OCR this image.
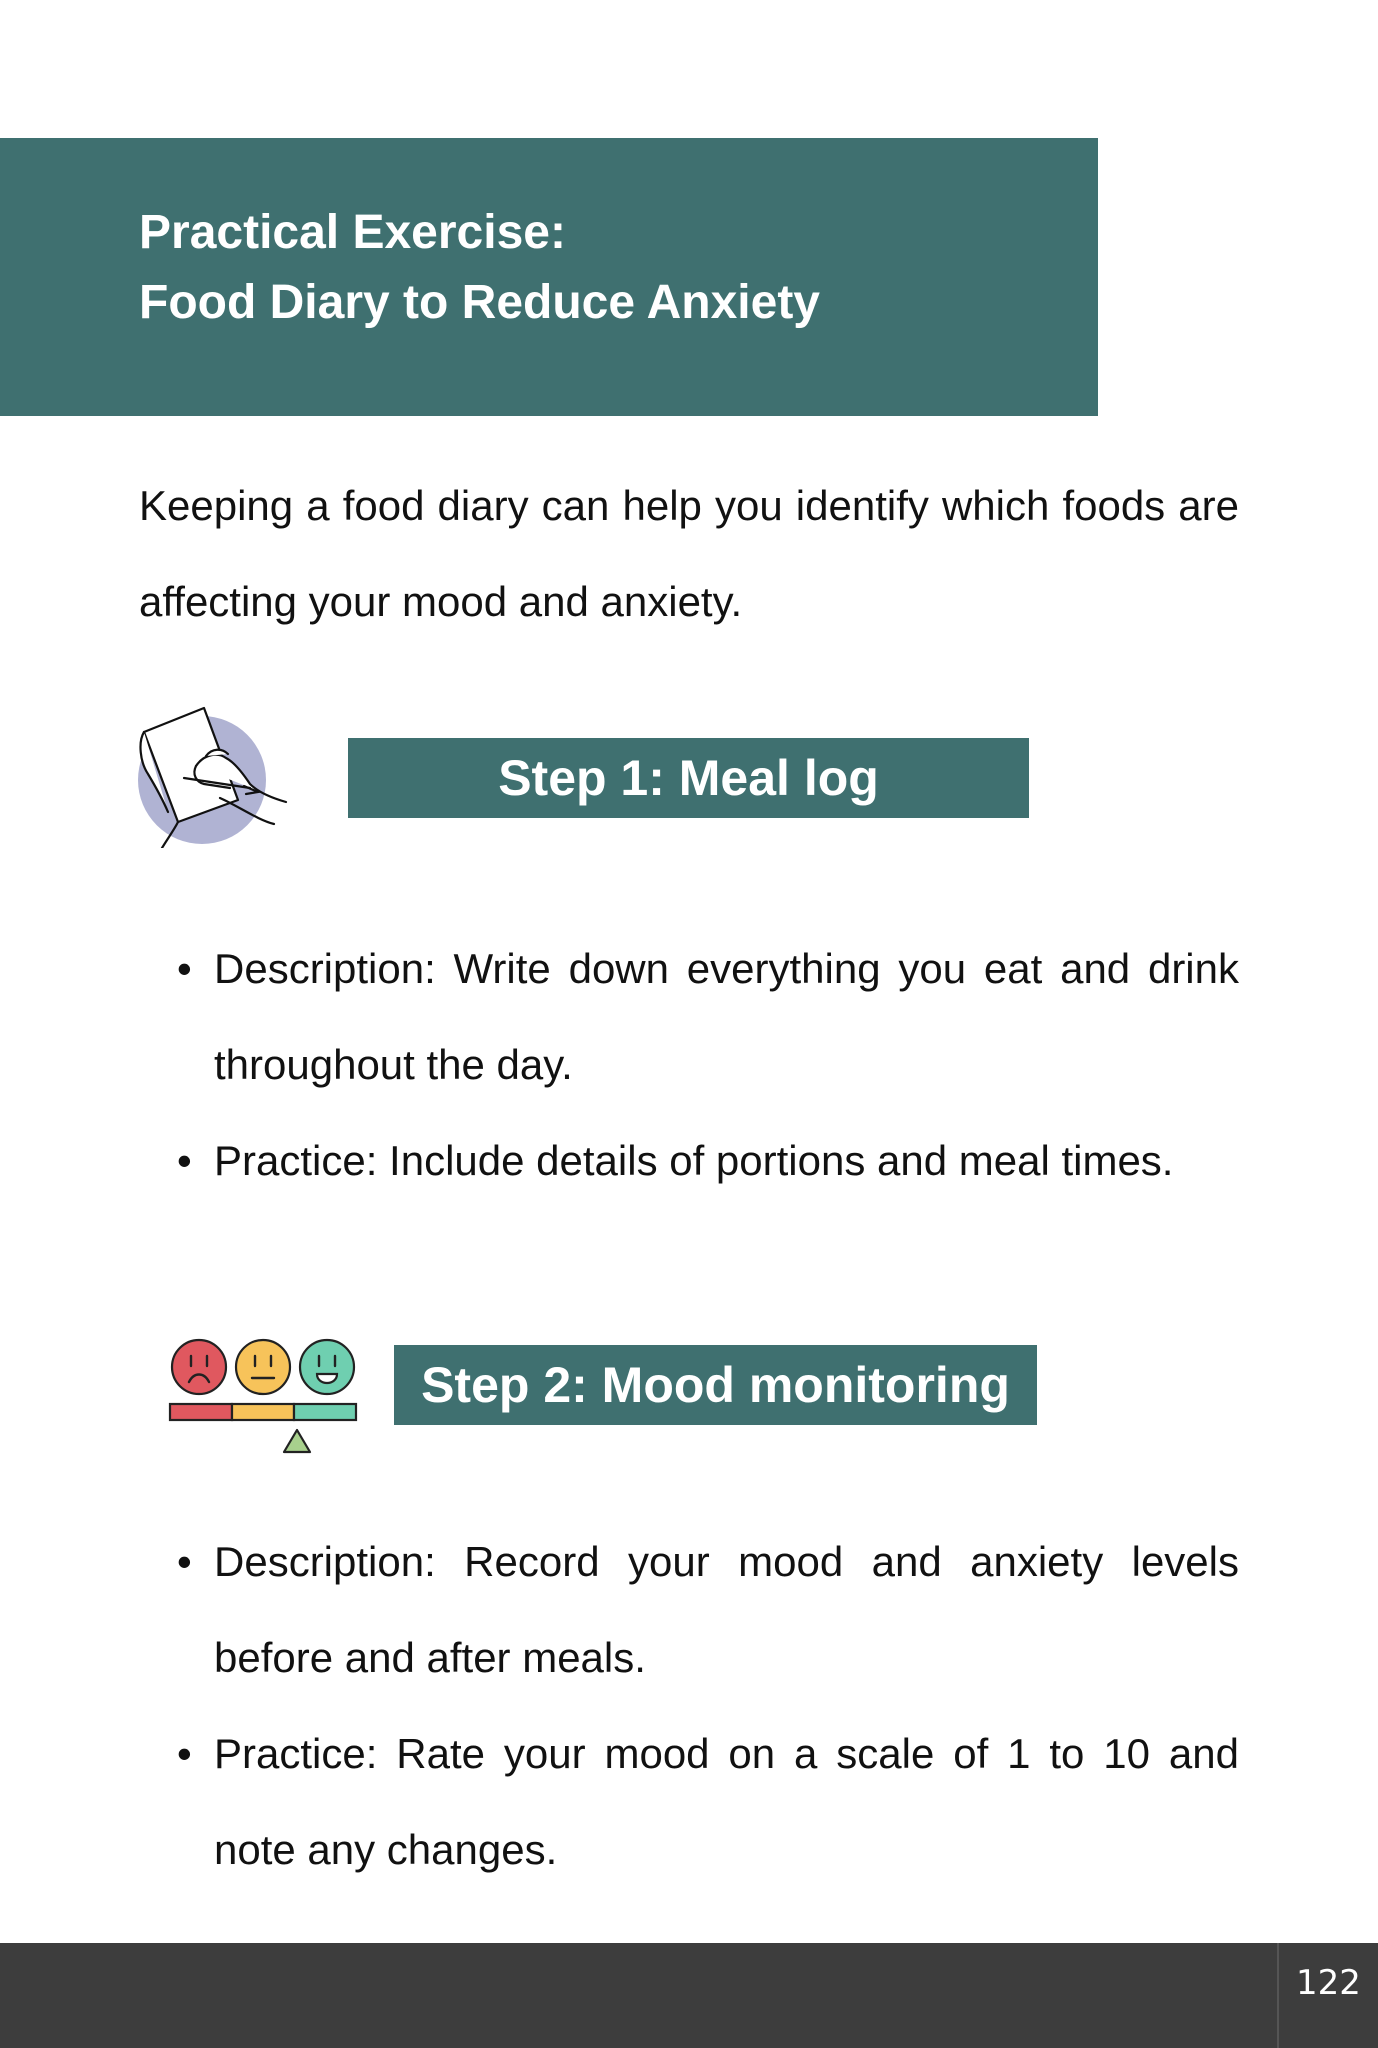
Practical Exercise:
Food Diary to Reduce Anxiety

Keeping a food diary can help you identify which foods are affecting your mood and anxiety.

Step 1: Meal log
• Description: Write down everything you eat and drink throughout the day.
• Practice: Include details of portions and meal times.
Step 2: Mood monitoring
• Description: Record your mood and anxiety levels before and after meals.
• Practice: Rate your mood on a scale of 1 to 10 and note any changes.
122
